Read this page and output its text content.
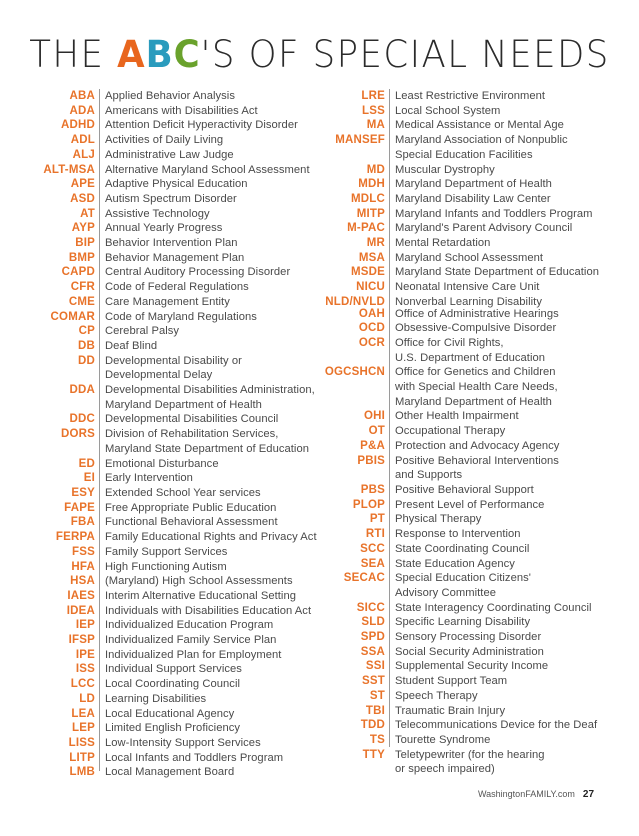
THE ABC'S OF SPECIAL NEEDS
ABA Applied Behavior Analysis
ADA Americans with Disabilities Act
ADHD Attention Deficit Hyperactivity Disorder
ADL Activities of Daily Living
ALJ Administrative Law Judge
ALT-MSA Alternative Maryland School Assessment
APE Adaptive Physical Education
ASD Autism Spectrum Disorder
AT Assistive Technology
AYP Annual Yearly Progress
BIP Behavior Intervention Plan
BMP Behavior Management Plan
CAPD Central Auditory Processing Disorder
CFR Code of Federal Regulations
CME Care Management Entity
COMAR Code of Maryland Regulations
CP Cerebral Palsy
DB Deaf Blind
DD Developmental Disability or
Developmental Delay
DDA Developmental Disabilities Administration,
Maryland Department of Health
DDC Developmental Disabilities Council
DORS Division of Rehabilitation Services,
Maryland State Department of Education
ED Emotional Disturbance
EI Early Intervention
ESY Extended School Year services
FAPE Free Appropriate Public Education
FBA Functional Behavioral Assessment
FERPA Family Educational Rights and Privacy Act
FSS Family Support Services
HFA High Functioning Autism
HSA (Maryland) High School Assessments
IAES Interim Alternative Educational Setting
IDEA Individuals with Disabilities Education Act
IEP Individualized Education Program
IFSP Individualized Family Service Plan
IPE Individualized Plan for Employment
ISS Individual Support Services
LCC Local Coordinating Council
LD Learning Disabilities
LEA Local Educational Agency
LEP Limited English Proficiency
LISS Low-Intensity Support Services
LITP Local Infants and Toddlers Program
LMB Local Management Board
LRE Least Restrictive Environment
LSS Local School System
MA Medical Assistance or Mental Age
MANSEF Maryland Association of Nonpublic
Special Education Facilities
MD Muscular Dystrophy
MDH Maryland Department of Health
MDLC Maryland Disability Law Center
MITP Maryland Infants and Toddlers Program
M-PAC Maryland's Parent Advisory Council
MR Mental Retardation
MSA Maryland School Assessment
MSDE Maryland State Department of Education
NICU Neonatal Intensive Care Unit
NLD/NVLD Nonverbal Learning Disability
OAH Office of Administrative Hearings
OCD Obsessive-Compulsive Disorder
OCR Office for Civil Rights,
U.S. Department of Education
OGCSHCN Office for Genetics and Children
with Special Health Care Needs,
Maryland Department of Health
OHI Other Health Impairment
OT Occupational Therapy
P&A Protection and Advocacy Agency
PBIS Positive Behavioral Interventions
and Supports
PBS Positive Behavioral Support
PLOP Present Level of Performance
PT Physical Therapy
RTI Response to Intervention
SCC State Coordinating Council
SEA State Education Agency
SECAC Special Education Citizens'
Advisory Committee
SICC State Interagency Coordinating Council
SLD Specific Learning Disability
SPD Sensory Processing Disorder
SSA Social Security Administration
SSI Supplemental Security Income
SST Student Support Team
ST Speech Therapy
TBI Traumatic Brain Injury
TDD Telecommunications Device for the Deaf
TS Tourette Syndrome
TTY Teletypewriter (for the hearing
or speech impaired)
WashingtonFAMILY.com 27
